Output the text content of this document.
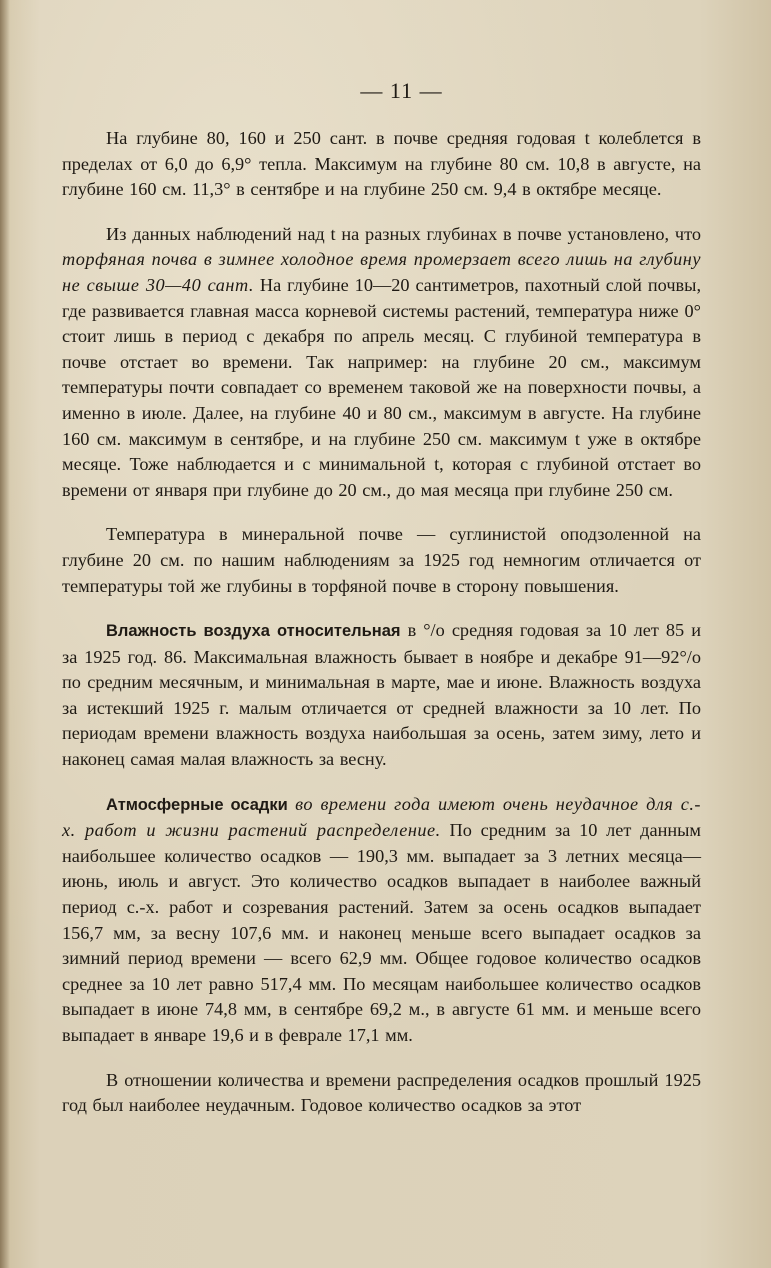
— 11 —

На глубине 80, 160 и 250 сант. в почве средняя годовая t колеблется в пределах от 6,0 до 6,9° тепла. Максимум на глубине 80 см. 10,8 в августе, на глубине 160 см. 11,3° в сентябре и на глубине 250 см. 9,4 в октябре месяце.

Из данных наблюдений над t на разных глубинах в почве установлено, что торфяная почва в зимнее холодное время промерзает всего лишь на глубину не свыше 30—40 сант. На глубине 10—20 сантиметров, пахотный слой почвы, где развивается главная масса корневой системы растений, температура ниже 0° стоит лишь в период с декабря по апрель месяц. С глубиной температура в почве отстает во времени. Так например: на глубине 20 см., максимум температуры почти совпадает со временем таковой же на поверхности почвы, а именно в июле. Далее, на глубине 40 и 80 см., максимум в августе. На глубине 160 см. максимум в сентябре, и на глубине 250 см. максимум t уже в октябре месяце. Тоже наблюдается и с минимальной t, которая с глубиной отстает во времени от января при глубине до 20 см., до мая месяца при глубине 250 см.

Температура в минеральной почве — суглинистой оподзоленной на глубине 20 см. по нашим наблюдениям за 1925 год немногим отличается от температуры той же глубины в торфяной почве в сторону повышения.

Влажность воздуха относительная в °/о средняя годовая за 10 лет 85 и за 1925 год. 86. Максимальная влажность бывает в ноябре и декабре 91—92°/о по средним месячным, и минимальная в марте, мае и июне. Влажность воздуха за истекший 1925 г. малым отличается от средней влажности за 10 лет. По периодам времени влажность воздуха наибольшая за осень, затем зиму, лето и наконец самая малая влажность за весну.

Атмосферные осадки во времени года имеют очень неудачное для с.-х. работ и жизни растений распределение. По средним за 10 лет данным наибольшее количество осадков — 190,3 мм. выпадает за 3 летних месяца—июнь, июль и август. Это количество осадков выпадает в наиболее важный период с.-х. работ и созревания растений. Затем за осень осадков выпадает 156,7 мм, за весну 107,6 мм. и наконец меньше всего выпадает осадков за зимний период времени — всего 62,9 мм. Общее годовое количество осадков среднее за 10 лет равно 517,4 мм. По месяцам наибольшее количество осадков выпадает в июне 74,8 мм, в сентябре 69,2 м., в августе 61 мм. и меньше всего выпадает в январе 19,6 и в феврале 17,1 мм.

В отношении количества и времени распределения осадков прошлый 1925 год был наиболее неудачным. Годовое количество осадков за этот
